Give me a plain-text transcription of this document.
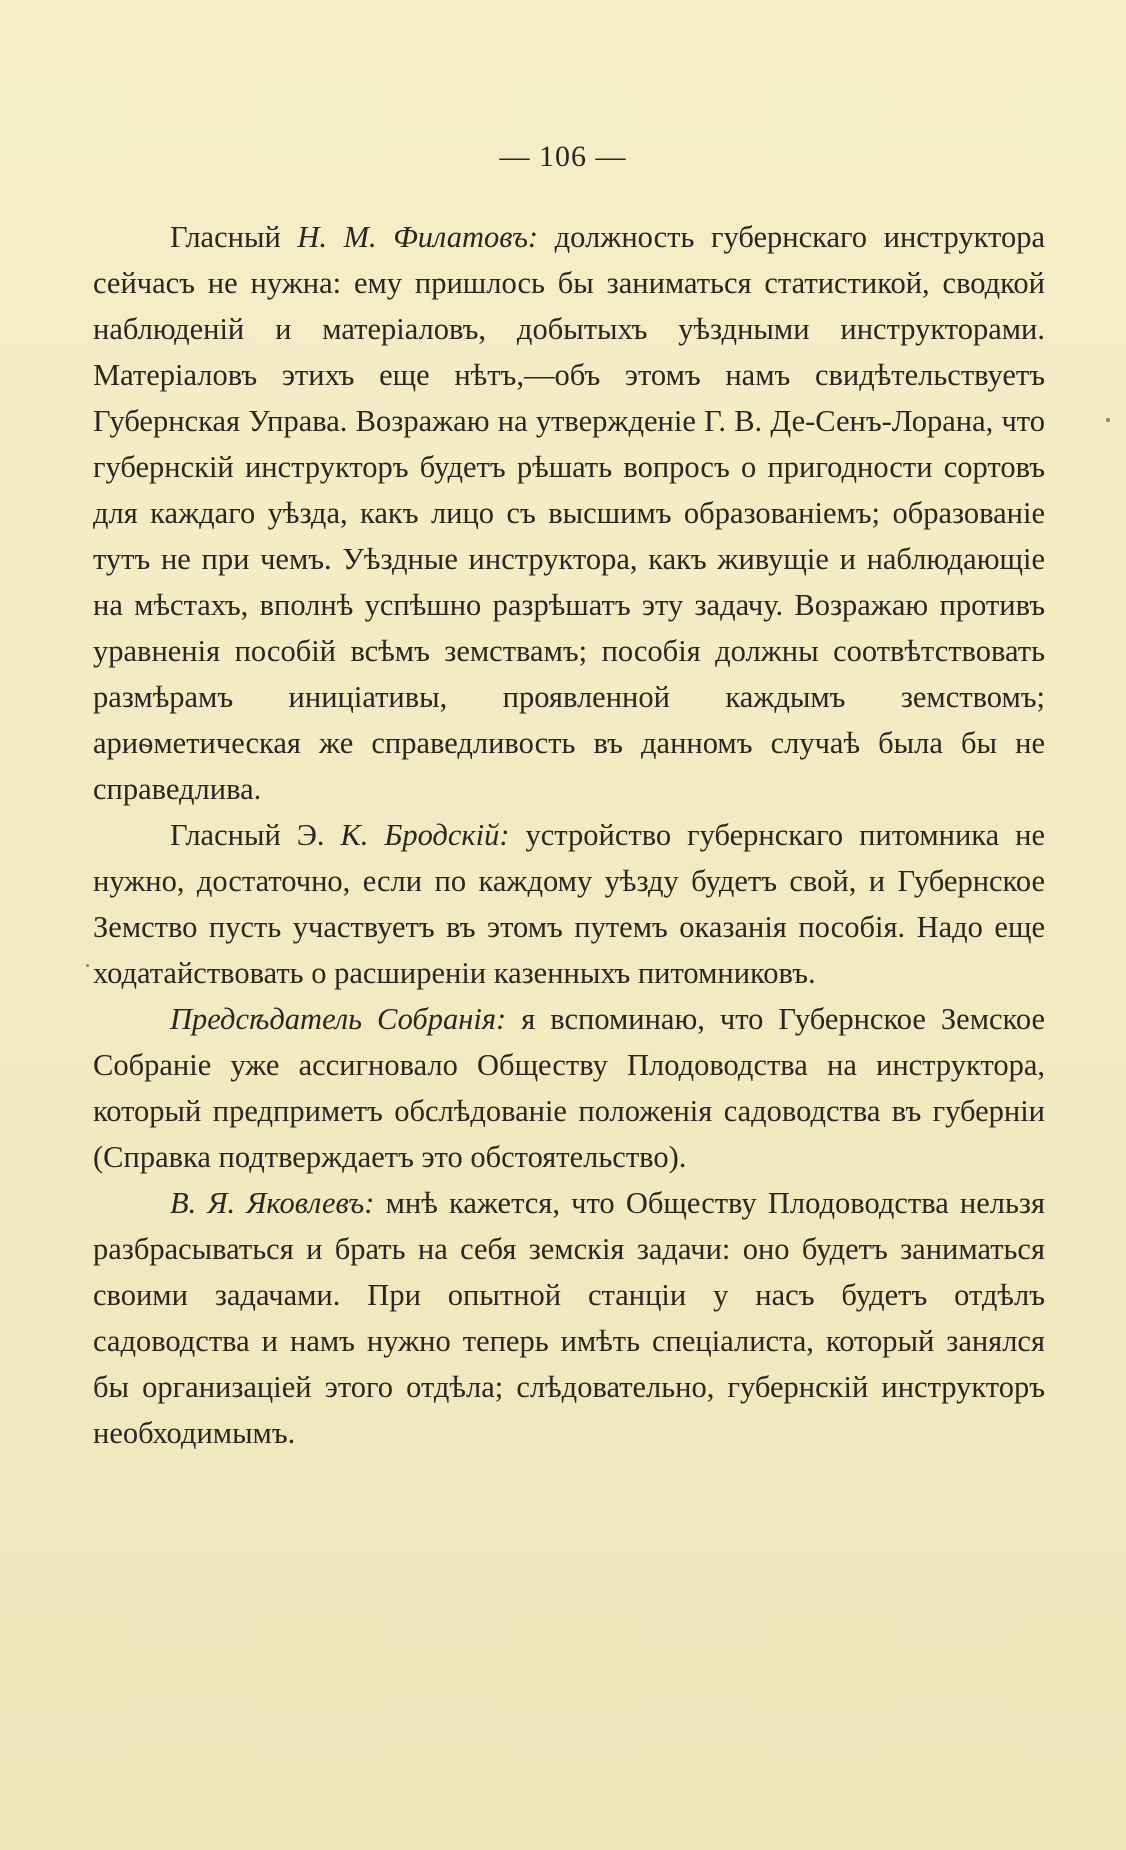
— 106 —

Гласный Н. М. Филатовъ: должность губернскаго инструктора сейчасъ не нужна: ему пришлось бы заниматься статистикой, сводкой наблюденій и матеріаловъ, добытыхъ уѣздными инструкторами. Матеріаловъ этихъ еще нѣтъ,—объ этомъ намъ свидѣтельствуетъ Губернская Управа. Возражаю на утвержденіе Г. В. Де-Сенъ-Лорана, что губернскій инструкторъ будетъ рѣшать вопросъ о пригодности сортовъ для каждаго уѣзда, какъ лицо съ высшимъ образованіемъ; образованіе тутъ не при чемъ. Уѣздные инструктора, какъ живущіе и наблюдающіе на мѣстахъ, вполнѣ успѣшно разрѣшатъ эту задачу. Возражаю противъ уравненія пособій всѣмъ земствамъ; пособія должны соотвѣтствовать размѣрамъ иниціативы, проявленной каждымъ земствомъ; ариѳметическая же справедливость въ данномъ случаѣ была бы не справедлива.

Гласный Э. К. Бродскій: устройство губернскаго питомника не нужно, достаточно, если по каждому уѣзду будетъ свой, и Губернское Земство пусть участвуетъ въ этомъ путемъ оказанія пособія. Надо еще ходатайствовать о расширеніи казенныхъ питомниковъ.

Предсѣдатель Собранія: я вспоминаю, что Губернское Земское Собраніе уже ассигновало Обществу Плодоводства на инструктора, который предприметъ обслѣдованіе положенія садоводства въ губерніи (Справка подтверждаетъ это обстоятельство).

В. Я. Яковлевъ: мнѣ кажется, что Обществу Плодоводства нельзя разбрасываться и брать на себя земскія задачи: оно будетъ заниматься своими задачами. При опытной станціи у насъ будетъ отдѣлъ садоводства и намъ нужно теперь имѣть спеціалиста, который занялся бы организаціей этого отдѣла; слѣдовательно, губернскій инструкторъ необходимымъ.
